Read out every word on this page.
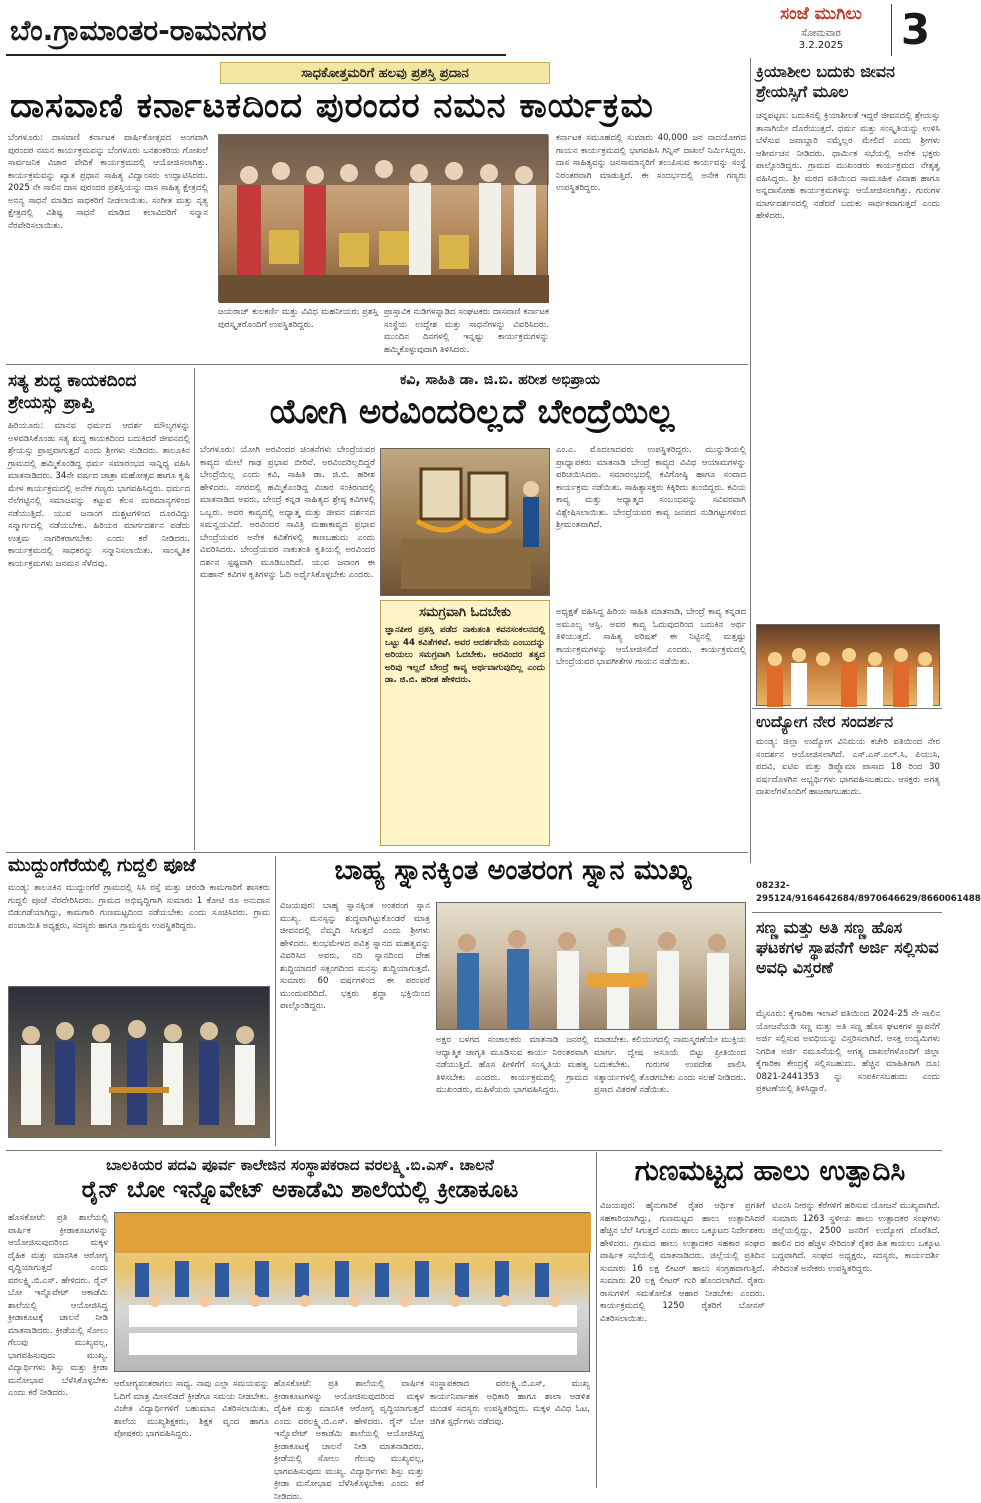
ಬೆಂ.ಗ್ರಾಮಾಂತರ-ರಾಮನಗರ	ಸಂಜೆ ಮುಗಿಲು
ಸೋಮವಾರ
3.2.2025	3
ಸಾಧಕೋತ್ತಮರಿಗೆ ಹಲವು ಪ್ರಶಸ್ತಿ ಪ್ರದಾನ
ದಾಸವಾಣಿ ಕರ್ನಾಟಕದಿಂದ ಪುರಂದರ ನಮನ ಕಾರ್ಯಕ್ರಮ
ಬೆಂಗಳೂರು: ದಾಸವಾಣಿ ಕರ್ನಾಟಕ ವಾರ್ಷಿಕೋತ್ಸವದ ಅಂಗವಾಗಿ ಪುರಂದರ ನಮನ ಕಾರ್ಯಕ್ರಮವನ್ನು ಬೆಂಗಳೂರು ಬನಶಂಕರಿಯ ಗೋಖಲೆ ಸಾರ್ವಜನಿಕ ವಿಚಾರ ವೇದಿಕೆ ಕಾರ್ಯಕ್ರಮದಲ್ಲಿ ಆಯೋಜಿಸಲಾಗಿತ್ತು. ಕಾರ್ಯಕ್ರಮವನ್ನು ಖ್ಯಾತ ಪ್ರಧಾನ ಸಾಹಿತ್ಯ ವಿದ್ವಾಂಸರು ಉದ್ಘಾಟಿಸಿದರು. 2025 ನೇ ಸಾಲಿನ ದಾಸ ಪುರಂದರ ಪ್ರಶಸ್ತಿಯನ್ನು ದಾಸ ಸಾಹಿತ್ಯ ಕ್ಷೇತ್ರದಲ್ಲಿ ಅನನ್ಯ ಸಾಧನೆ ಮಾಡಿದ ಸಾಧಕರಿಗೆ ನೀಡಲಾಯಿತು. ಸಂಗೀತ ಮತ್ತು ನೃತ್ಯ ಕ್ಷೇತ್ರದಲ್ಲಿ ವಿಶಿಷ್ಟ ಸಾಧನೆ ಮಾಡಿದ ಕಲಾವಿದರಿಗೆ ಸನ್ಮಾನ ನೆರವೇರಿಸಲಾಯಿತು.
ಜಯರಾಜ್ ಕುಲಕರ್ಣಿ ಮತ್ತು ವಿವಿಧ ಮಹನೀಯರು ಪ್ರಶಸ್ತಿ ಪುರಸ್ಕೃತರೊಂದಿಗೆ ಉಪಸ್ಥಿತರಿದ್ದರು.
ಪ್ರಾಸ್ತಾವಿಕ ನುಡಿಗಳನ್ನಾಡಿದ ಸಂಘಟಕರು ದಾಸವಾಣಿ ಕರ್ನಾಟಕ ಸಂಸ್ಥೆಯ ಉದ್ದೇಶ ಮತ್ತು ಸಾಧನೆಗಳನ್ನು ವಿವರಿಸಿದರು. ಮುಂದಿನ ದಿನಗಳಲ್ಲಿ ಇನ್ನಷ್ಟು ಕಾರ್ಯಕ್ರಮಗಳನ್ನು ಹಮ್ಮಿಕೊಳ್ಳುವುದಾಗಿ ತಿಳಿಸಿದರು.
ಕರ್ನಾಟಕ ಸಮೂಹದಲ್ಲಿ ಸುಮಾರು 40,000 ಜನ ನಾದಯೋಗದ ಗಾಯನ ಕಾರ್ಯಕ್ರಮದಲ್ಲಿ ಭಾಗವಹಿಸಿ ಗಿನ್ನಿಸ್ ದಾಖಲೆ ನಿರ್ಮಿಸಿದ್ದರು. ದಾಸ ಸಾಹಿತ್ಯವನ್ನು ಜನಸಾಮಾನ್ಯರಿಗೆ ತಲುಪಿಸುವ ಕಾರ್ಯವನ್ನು ಸಂಸ್ಥೆ ನಿರಂತರವಾಗಿ ಮಾಡುತ್ತಿದೆ. ಈ ಸಂದರ್ಭದಲ್ಲಿ ಅನೇಕ ಗಣ್ಯರು ಉಪಸ್ಥಿತರಿದ್ದರು.
ಕ್ರಿಯಾಶೀಲ ಬದುಕು ಜೀವನ ಶ್ರೇಯಸ್ಸಿಗೆ ಮೂಲ
ಚನ್ನಪಟ್ಟಣ: ಬದುಕಿನಲ್ಲಿ ಕ್ರಿಯಾಶೀಲತೆ ಇದ್ದರೆ ಜೀವನದಲ್ಲಿ ಶ್ರೇಯಸ್ಸು ತಾನಾಗಿಯೇ ದೊರೆಯುತ್ತದೆ. ಧರ್ಮ ಮತ್ತು ಸಂಸ್ಕೃತಿಯನ್ನು ಉಳಿಸಿ ಬೆಳೆಸುವ ಜವಾಬ್ದಾರಿ ನಮ್ಮೆಲ್ಲರ ಮೇಲಿದೆ ಎಂದು ಶ್ರೀಗಳು ಆಶೀರ್ವಚನ ನೀಡಿದರು. ಧಾರ್ಮಿಕ ಸಭೆಯಲ್ಲಿ ಅನೇಕ ಭಕ್ತರು ಪಾಲ್ಗೊಂಡಿದ್ದರು. ಗ್ರಾಮದ ಮುಖಂಡರು ಕಾರ್ಯಕ್ರಮದ ನೇತೃತ್ವ ವಹಿಸಿದ್ದರು. ಶ್ರೀ ಮಠದ ವತಿಯಿಂದ ಸಾಮೂಹಿಕ ವಿವಾಹ ಹಾಗೂ ಅನ್ನದಾಸೋಹ ಕಾರ್ಯಕ್ರಮಗಳನ್ನು ಆಯೋಜಿಸಲಾಗಿತ್ತು. ಗುರುಗಳ ಮಾರ್ಗದರ್ಶನದಲ್ಲಿ ನಡೆದರೆ ಬದುಕು ಸಾರ್ಥಕವಾಗುತ್ತದೆ ಎಂದು ಹೇಳಿದರು.
ಉದ್ಯೋಗ ನೇರ ಸಂದರ್ಶನ
ಮಂಡ್ಯ: ಜಿಲ್ಲಾ ಉದ್ಯೋಗ ವಿನಿಮಯ ಕಚೇರಿ ವತಿಯಿಂದ ನೇರ ಸಂದರ್ಶನ ಆಯೋಜಿಸಲಾಗಿದೆ. ಎಸ್.ಎಸ್.ಎಲ್.ಸಿ, ಪಿಯುಸಿ, ಪದವಿ, ಐಟಿಐ ಮತ್ತು ಡಿಪ್ಲೊಮಾ ಪಾಸಾದ 18 ರಿಂದ 30 ವರ್ಷದೊಳಗಿನ ಅಭ್ಯರ್ಥಿಗಳು ಭಾಗವಹಿಸಬಹುದು. ಆಸಕ್ತರು ಅಗತ್ಯ ದಾಖಲೆಗಳೊಂದಿಗೆ ಹಾಜರಾಗಬಹುದು.
08232-295124/9164642684/8970646629/8660061488
ಸಣ್ಣ ಮತ್ತು ಅತಿ ಸಣ್ಣ ಹೊಸ ಘಟಕಗಳ ಸ್ಥಾಪನೆಗೆ ಅರ್ಜಿ ಸಲ್ಲಿಸುವ ಅವಧಿ ವಿಸ್ತರಣೆ
ಮೈಸೂರು: ಕೈಗಾರಿಕಾ ಇಲಾಖೆ ವತಿಯಿಂದ 2024-25 ನೇ ಸಾಲಿನ ಯೋಜನೆಯಡಿ ಸಣ್ಣ ಮತ್ತು ಅತಿ ಸಣ್ಣ ಹೊಸ ಘಟಕಗಳ ಸ್ಥಾಪನೆಗೆ ಅರ್ಜಿ ಸಲ್ಲಿಸುವ ಅವಧಿಯನ್ನು ವಿಸ್ತರಿಸಲಾಗಿದೆ. ಆಸಕ್ತ ಉದ್ಯಮಿಗಳು ನಿಗದಿತ ಅರ್ಜಿ ನಮೂನೆಯಲ್ಲಿ ಅಗತ್ಯ ದಾಖಲೆಗಳೊಂದಿಗೆ ಜಿಲ್ಲಾ ಕೈಗಾರಿಕಾ ಕೇಂದ್ರಕ್ಕೆ ಸಲ್ಲಿಸಬಹುದು. ಹೆಚ್ಚಿನ ಮಾಹಿತಿಗಾಗಿ ದೂ: 0821-2441353 ನ್ನು ಸಂಪರ್ಕಿಸಬಹುದು ಎಂದು ಪ್ರಕಟಣೆಯಲ್ಲಿ ತಿಳಿಸಿದ್ದಾರೆ.
ಸತ್ಯ ಶುದ್ಧ ಕಾಯಕದಿಂದ ಶ್ರೇಯಸ್ಸು ಪ್ರಾಪ್ತಿ
ಹಿರಿಯೂರು: ಮಾನವ ಧರ್ಮದ ಆದರ್ಶ ಮೌಲ್ಯಗಳನ್ನು ಅಳವಡಿಸಿಕೊಂಡು ಸತ್ಯ ಶುದ್ಧ ಕಾಯಕದಿಂದ ಬದುಕಿದರೆ ಜೀವನದಲ್ಲಿ ಶ್ರೇಯಸ್ಸು ಪ್ರಾಪ್ತವಾಗುತ್ತದೆ ಎಂದು ಶ್ರೀಗಳು ನುಡಿದರು. ತಾಲೂಕಿನ ಗ್ರಾಮದಲ್ಲಿ ಹಮ್ಮಿಕೊಂಡಿದ್ದ ಧರ್ಮ ಸಮಾರಂಭದ ಸಾನ್ನಿಧ್ಯ ವಹಿಸಿ ಮಾತನಾಡಿದರು. 34ನೇ ವರ್ಷದ ಜಾತ್ರಾ ಮಹೋತ್ಸವ ಹಾಗೂ ಕೃಷಿ ಮೇಳ ಕಾರ್ಯಕ್ರಮದಲ್ಲಿ ಅನೇಕ ಗಣ್ಯರು ಭಾಗವಹಿಸಿದ್ದರು. ಧರ್ಮದ ನೆಲೆಗಟ್ಟಿನಲ್ಲಿ ಸಮಾಜವನ್ನು ಕಟ್ಟುವ ಕೆಲಸ ಮಠಮಾನ್ಯಗಳಿಂದ ನಡೆಯುತ್ತಿದೆ. ಯುವ ಜನಾಂಗ ದುಶ್ಚಟಗಳಿಂದ ದೂರವಿದ್ದು ಸನ್ಮಾರ್ಗದಲ್ಲಿ ನಡೆಯಬೇಕು. ಹಿರಿಯರ ಮಾರ್ಗದರ್ಶನ ಪಡೆದು ಉತ್ತಮ ನಾಗರಿಕರಾಗಬೇಕು ಎಂದು ಕರೆ ನೀಡಿದರು. ಕಾರ್ಯಕ್ರಮದಲ್ಲಿ ಸಾಧಕರನ್ನು ಸನ್ಮಾನಿಸಲಾಯಿತು. ಸಾಂಸ್ಕೃತಿಕ ಕಾರ್ಯಕ್ರಮಗಳು ಜನಮನ ಸೆಳೆದವು.
ಕವಿ, ಸಾಹಿತಿ ಡಾ. ಜಿ.ಬಿ. ಹರೀಶ ಅಭಿಪ್ರಾಯ
ಯೋಗಿ ಅರವಿಂದರಿಲ್ಲದೆ ಬೇಂದ್ರೆಯಿಲ್ಲ
ಬೆಂಗಳೂರು: ಯೋಗಿ ಅರವಿಂದರ ಚಿಂತನೆಗಳು ಬೇಂದ್ರೆಯವರ ಕಾವ್ಯದ ಮೇಲೆ ಗಾಢ ಪ್ರಭಾವ ಬೀರಿವೆ. ಅರವಿಂದರಿಲ್ಲದಿದ್ದರೆ ಬೇಂದ್ರೆಯಿಲ್ಲ ಎಂದು ಕವಿ, ಸಾಹಿತಿ ಡಾ. ಜಿ.ಬಿ. ಹರೀಶ ಹೇಳಿದರು. ನಗರದಲ್ಲಿ ಹಮ್ಮಿಕೊಂಡಿದ್ದ ವಿಚಾರ ಸಂಕಿರಣದಲ್ಲಿ ಮಾತನಾಡಿದ ಅವರು, ಬೇಂದ್ರೆ ಕನ್ನಡ ಸಾಹಿತ್ಯದ ಶ್ರೇಷ್ಠ ಕವಿಗಳಲ್ಲಿ ಒಬ್ಬರು. ಅವರ ಕಾವ್ಯದಲ್ಲಿ ಅಧ್ಯಾತ್ಮ ಮತ್ತು ಜೀವನ ದರ್ಶನದ ಸಮನ್ವಯವಿದೆ. ಅರವಿಂದರ ಸಾವಿತ್ರಿ ಮಹಾಕಾವ್ಯದ ಪ್ರಭಾವ ಬೇಂದ್ರೆಯವರ ಅನೇಕ ಕವಿತೆಗಳಲ್ಲಿ ಕಾಣಬಹುದು ಎಂದು ವಿವರಿಸಿದರು. ಬೇಂದ್ರೆಯವರ ನಾಕುತಂತಿ ಕೃತಿಯಲ್ಲಿ ಅರವಿಂದರ ದರ್ಶನ ಸ್ಪಷ್ಟವಾಗಿ ಮೂಡಿಬಂದಿದೆ. ಯುವ ಜನಾಂಗ ಈ ಮಹಾನ್ ಕವಿಗಳ ಕೃತಿಗಳನ್ನು ಓದಿ ಅರ್ಥೈಸಿಕೊಳ್ಳಬೇಕು ಎಂದರು.
ಎಂ.ಎ. ಮೊದಲಾದವರು ಉಪಸ್ಥಿತರಿದ್ದರು. ಮುನ್ನುಡಿಯಲ್ಲಿ ಪ್ರಾಧ್ಯಾಪಕರು ಮಾತನಾಡಿ ಬೇಂದ್ರೆ ಕಾವ್ಯದ ವಿವಿಧ ಆಯಾಮಗಳನ್ನು ಪರಿಚಯಿಸಿದರು. ಸಮಾರಂಭದಲ್ಲಿ ಕವಿಗೋಷ್ಠಿ ಹಾಗೂ ಸಂವಾದ ಕಾರ್ಯಕ್ರಮ ನಡೆಯಿತು. ಸಾಹಿತ್ಯಾಸಕ್ತರು ಕಿಕ್ಕಿರಿದು ತುಂಬಿದ್ದರು. ಕವಿಯ ಕಾವ್ಯ ಮತ್ತು ಅಧ್ಯಾತ್ಮದ ಸಂಬಂಧವನ್ನು ಸವಿವರವಾಗಿ ವಿಶ್ಲೇಷಿಸಲಾಯಿತು. ಬೇಂದ್ರೆಯವರ ಕಾವ್ಯ ಜನಪದ ನುಡಿಗಟ್ಟುಗಳಿಂದ ಶ್ರೀಮಂತವಾಗಿದೆ.
ಸಮಗ್ರವಾಗಿ ಓದಬೇಕು
ಜ್ಞಾನಪೀಠ ಪ್ರಶಸ್ತಿ ಪಡೆದ ನಾಕುತಂತಿ ಕವನಸಂಕಲನದಲ್ಲಿ ಒಟ್ಟು 44 ಕವಿತೆಗಳಿವೆ. ಅವರ ಆದರ್ಶವೇನು ಎಂಬುದನ್ನು ಅರಿಯಲು ಸಮಗ್ರವಾಗಿ ಓದಬೇಕು. ಅರವಿಂದರ ತತ್ವದ ಅರಿವು ಇಲ್ಲದೆ ಬೇಂದ್ರೆ ಕಾವ್ಯ ಅರ್ಥವಾಗುವುದಿಲ್ಲ ಎಂದು ಡಾ. ಜಿ.ಬಿ. ಹರೀಶ ಹೇಳಿದರು.
ಅಧ್ಯಕ್ಷತೆ ವಹಿಸಿದ್ದ ಹಿರಿಯ ಸಾಹಿತಿ ಮಾತನಾಡಿ, ಬೇಂದ್ರೆ ಕಾವ್ಯ ಕನ್ನಡದ ಅಮೂಲ್ಯ ಆಸ್ತಿ. ಅವರ ಕಾವ್ಯ ಓದುವುದರಿಂದ ಬದುಕಿನ ಅರ್ಥ ತಿಳಿಯುತ್ತದೆ. ಸಾಹಿತ್ಯ ಪರಿಷತ್ ಈ ನಿಟ್ಟಿನಲ್ಲಿ ಮತ್ತಷ್ಟು ಕಾರ್ಯಕ್ರಮಗಳನ್ನು ಆಯೋಜಿಸಲಿದೆ ಎಂದರು. ಕಾರ್ಯಕ್ರಮದಲ್ಲಿ ಬೇಂದ್ರೆಯವರ ಭಾವಗೀತೆಗಳ ಗಾಯನ ನಡೆಯಿತು.
ಮುದ್ದುಂಗೆರೆಯಲ್ಲಿ ಗುದ್ದಲಿ ಪೂಜೆ
ಮಂಡ್ಯ: ತಾಲೂಕಿನ ಮುದ್ದುಂಗೆರೆ ಗ್ರಾಮದಲ್ಲಿ ಸಿಸಿ ರಸ್ತೆ ಮತ್ತು ಚರಂಡಿ ಕಾಮಗಾರಿಗೆ ಶಾಸಕರು ಗುದ್ದಲಿ ಪೂಜೆ ನೆರವೇರಿಸಿದರು. ಗ್ರಾಮದ ಅಭಿವೃದ್ಧಿಗಾಗಿ ಸುಮಾರು 1 ಕೋಟಿ ರೂ ಅನುದಾನ ಬಿಡುಗಡೆಯಾಗಿದ್ದು, ಕಾಮಗಾರಿ ಗುಣಮಟ್ಟದಿಂದ ನಡೆಯಬೇಕು ಎಂದು ಸೂಚಿಸಿದರು. ಗ್ರಾಮ ಪಂಚಾಯಿತಿ ಅಧ್ಯಕ್ಷರು, ಸದಸ್ಯರು ಹಾಗೂ ಗ್ರಾಮಸ್ಥರು ಉಪಸ್ಥಿತರಿದ್ದರು.
ಬಾಹ್ಯ ಸ್ನಾನಕ್ಕಿಂತ ಅಂತರಂಗ ಸ್ನಾನ ಮುಖ್ಯ
ವಿಜಯಪುರ: ಬಾಹ್ಯ ಸ್ನಾನಕ್ಕಿಂತ ಅಂತರಂಗ ಸ್ನಾನ ಮುಖ್ಯ. ಮನಸ್ಸನ್ನು ಶುದ್ಧವಾಗಿಟ್ಟುಕೊಂಡರೆ ಮಾತ್ರ ಜೀವನದಲ್ಲಿ ನೆಮ್ಮದಿ ಸಿಗುತ್ತದೆ ಎಂದು ಶ್ರೀಗಳು ಹೇಳಿದರು. ಕುಂಭಮೇಳದ ಪವಿತ್ರ ಸ್ನಾನದ ಮಹತ್ವವನ್ನು ವಿವರಿಸಿದ ಅವರು, ನದಿ ಸ್ನಾನದಿಂದ ದೇಹ ಶುದ್ಧಿಯಾದರೆ ಸತ್ಸಂಗದಿಂದ ಮನಸ್ಸು ಶುದ್ಧಿಯಾಗುತ್ತದೆ. ಸುಮಾರು 60 ವರ್ಷಗಳಿಂದ ಈ ಪರಂಪರೆ ಮುಂದುವರಿದಿದೆ. ಭಕ್ತರು ಶ್ರದ್ಧಾ ಭಕ್ತಿಯಿಂದ ಪಾಲ್ಗೊಂಡಿದ್ದರು.
ಅಕ್ಷರ ಬಳಗದ ಸಂಚಾಲಕರು ಮಾತನಾಡಿ ಜನರಲ್ಲಿ ಆಧ್ಯಾತ್ಮಿಕ ಜಾಗೃತಿ ಮೂಡಿಸುವ ಕಾರ್ಯ ನಿರಂತರವಾಗಿ ನಡೆಯುತ್ತಿದೆ. ಹೊಸ ಪೀಳಿಗೆಗೆ ಸಂಸ್ಕೃತಿಯ ಮಹತ್ವ ತಿಳಿಸಬೇಕು ಎಂದರು. ಕಾರ್ಯಕ್ರಮದಲ್ಲಿ ಗ್ರಾಮದ ಮುಖಂಡರು, ಮಹಿಳೆಯರು ಭಾಗವಹಿಸಿದ್ದರು.
ಮಾಡಬೇಕು. ಕಲಿಯುಗದಲ್ಲಿ ನಾಮಸ್ಮರಣೆಯೇ ಮುಕ್ತಿಯ ಮಾರ್ಗ. ದ್ವೇಷ ಅಸೂಯೆ ಬಿಟ್ಟು ಪ್ರೀತಿಯಿಂದ ಬದುಕಬೇಕು. ಗುರುಗಳ ಉಪದೇಶ ಪಾಲಿಸಿ ಸತ್ಕಾರ್ಯಗಳಲ್ಲಿ ತೊಡಗಬೇಕು ಎಂದು ಸಲಹೆ ನೀಡಿದರು. ಪ್ರಸಾದ ವಿತರಣೆ ನಡೆಯಿತು.
ಬಾಲಕಿಯರ ಪದವಿ ಪೂರ್ವ ಕಾಲೇಜಿನ ಸಂಸ್ಥಾಪಕರಾದ ವರಲಕ್ಷ್ಮಿ.ಬಿ.ಎಸ್. ಚಾಲನೆ
ರೈನ್ ಬೋ ಇನ್ನೊವೇಟ್ ಅಕಾಡೆಮಿ ಶಾಲೆಯಲ್ಲಿ ಕ್ರೀಡಾಕೂಟ
ಹೊಸಕೋಟೆ: ಪ್ರತಿ ಶಾಲೆಯಲ್ಲಿ ವಾರ್ಷಿಕ ಕ್ರೀಡಾಕೂಟಗಳನ್ನು ಆಯೋಜಿಸುವುದರಿಂದ ಮಕ್ಕಳ ದೈಹಿಕ ಮತ್ತು ಮಾನಸಿಕ ಆರೋಗ್ಯ ವೃದ್ಧಿಯಾಗುತ್ತದೆ ಎಂದು ವರಲಕ್ಷ್ಮಿ.ಬಿ.ಎಸ್. ಹೇಳಿದರು. ರೈನ್ ಬೋ ಇನ್ನೊವೇಟ್ ಅಕಾಡೆಮಿ ಶಾಲೆಯಲ್ಲಿ ಆಯೋಜಿಸಿದ್ದ ಕ್ರೀಡಾಕೂಟಕ್ಕೆ ಚಾಲನೆ ನೀಡಿ ಮಾತನಾಡಿದರು. ಕ್ರೀಡೆಯಲ್ಲಿ ಸೋಲು ಗೆಲುವು ಮುಖ್ಯವಲ್ಲ, ಭಾಗವಹಿಸುವುದು ಮುಖ್ಯ. ವಿದ್ಯಾರ್ಥಿಗಳು ಶಿಸ್ತು ಮತ್ತು ಕ್ರೀಡಾ ಮನೋಭಾವ ಬೆಳೆಸಿಕೊಳ್ಳಬೇಕು ಎಂದು ಕರೆ ನೀಡಿದರು.
ಆರೋಗ್ಯವಂತರಾಗಲು ಸಾಧ್ಯ. ನಾವು ಎಲ್ಲಾ ಸಮಯವನ್ನು ಓದಿಗೆ ಮಾತ್ರ ಮೀಸಲಿಡದೆ ಕ್ರೀಡೆಗೂ ಸಮಯ ನೀಡಬೇಕು. ವಿಜೇತ ವಿದ್ಯಾರ್ಥಿಗಳಿಗೆ ಬಹುಮಾನ ವಿತರಿಸಲಾಯಿತು. ಶಾಲೆಯ ಮುಖ್ಯಶಿಕ್ಷಕರು, ಶಿಕ್ಷಕ ವೃಂದ ಹಾಗೂ ಪೋಷಕರು ಭಾಗವಹಿಸಿದ್ದರು.
ಹೊಸಕೋಟೆ: ಪ್ರತಿ ಶಾಲೆಯಲ್ಲಿ ವಾರ್ಷಿಕ ಕ್ರೀಡಾಕೂಟಗಳನ್ನು ಆಯೋಜಿಸುವುದರಿಂದ ಮಕ್ಕಳ ದೈಹಿಕ ಮತ್ತು ಮಾನಸಿಕ ಆರೋಗ್ಯ ವೃದ್ಧಿಯಾಗುತ್ತದೆ ಎಂದು ವರಲಕ್ಷ್ಮಿ.ಬಿ.ಎಸ್. ಹೇಳಿದರು. ರೈನ್ ಬೋ ಇನ್ನೊವೇಟ್ ಅಕಾಡೆಮಿ ಶಾಲೆಯಲ್ಲಿ ಆಯೋಜಿಸಿದ್ದ ಕ್ರೀಡಾಕೂಟಕ್ಕೆ ಚಾಲನೆ ನೀಡಿ ಮಾತನಾಡಿದರು. ಕ್ರೀಡೆಯಲ್ಲಿ ಸೋಲು ಗೆಲುವು ಮುಖ್ಯವಲ್ಲ, ಭಾಗವಹಿಸುವುದು ಮುಖ್ಯ. ವಿದ್ಯಾರ್ಥಿಗಳು ಶಿಸ್ತು ಮತ್ತು ಕ್ರೀಡಾ ಮನೋಭಾವ ಬೆಳೆಸಿಕೊಳ್ಳಬೇಕು ಎಂದು ಕರೆ ನೀಡಿದರು.
ಸಂಸ್ಥಾಪಕರಾದ ವರಲಕ್ಷ್ಮಿ.ಬಿ.ಎಸ್, ಮುಖ್ಯ ಕಾರ್ಯನಿರ್ವಾಹಕ ಅಧಿಕಾರಿ ಹಾಗೂ ಶಾಲಾ ಆಡಳಿತ ಮಂಡಳಿ ಸದಸ್ಯರು ಉಪಸ್ಥಿತರಿದ್ದರು. ಮಕ್ಕಳ ವಿವಿಧ ಓಟ, ಜಿಗಿತ ಸ್ಪರ್ಧೆಗಳು ನಡೆದವು.
ಗುಣಮಟ್ಟದ ಹಾಲು ಉತ್ಪಾದಿಸಿ
ವಿಜಯಪುರ: ಹೈನುಗಾರಿಕೆ ರೈತರ ಆರ್ಥಿಕ ಪ್ರಗತಿಗೆ ಸಹಕಾರಿಯಾಗಿದ್ದು, ಗುಣಮಟ್ಟದ ಹಾಲು ಉತ್ಪಾದಿಸಿದರೆ ಹೆಚ್ಚಿನ ಬೆಲೆ ಸಿಗುತ್ತದೆ ಎಂದು ಹಾಲು ಒಕ್ಕೂಟದ ನಿರ್ದೇಶಕರು ಹೇಳಿದರು. ಗ್ರಾಮದ ಹಾಲು ಉತ್ಪಾದಕರ ಸಹಕಾರ ಸಂಘದ ವಾರ್ಷಿಕ ಸಭೆಯಲ್ಲಿ ಮಾತನಾಡಿದರು. ಜಿಲ್ಲೆಯಲ್ಲಿ ಪ್ರತಿದಿನ ಸುಮಾರು 16 ಲಕ್ಷ ಲೀಟರ್ ಹಾಲು ಸಂಗ್ರಹವಾಗುತ್ತಿದೆ. ಸುಮಾರು 20 ಲಕ್ಷ ಲೀಟರ್ ಗುರಿ ಹೊಂದಲಾಗಿದೆ. ರೈತರು ರಾಸುಗಳಿಗೆ ಸಮತೋಲಿತ ಆಹಾರ ನೀಡಬೇಕು ಎಂದರು. ಕಾರ್ಯಕ್ರಮದಲ್ಲಿ 1250 ರೈತರಿಗೆ ಬೋನಸ್ ವಿತರಿಸಲಾಯಿತು.
ಟಿಎಂಸಿ ನೀರನ್ನು ಕೆರೆಗಳಿಗೆ ಹರಿಸುವ ಯೋಜನೆ ಮುಖ್ಯವಾಗಿದೆ. ಸುಮಾರು 1263 ಸ್ಥಳೀಯ ಹಾಲು ಉತ್ಪಾದಕರ ಸಂಘಗಳು ಜಿಲ್ಲೆಯಲ್ಲಿದ್ದು, 2500 ಜನರಿಗೆ ಉದ್ಯೋಗ ದೊರೆತಿದೆ. ಹಾಲಿನ ದರ ಹೆಚ್ಚಳ ಸೇರಿದಂತೆ ರೈತರ ಹಿತ ಕಾಯಲು ಒಕ್ಕೂಟ ಬದ್ಧವಾಗಿದೆ. ಸಂಘದ ಅಧ್ಯಕ್ಷರು, ಸದಸ್ಯರು, ಕಾರ್ಯದರ್ಶಿ ಸೇರಿದಂತೆ ಅನೇಕರು ಉಪಸ್ಥಿತರಿದ್ದರು.
